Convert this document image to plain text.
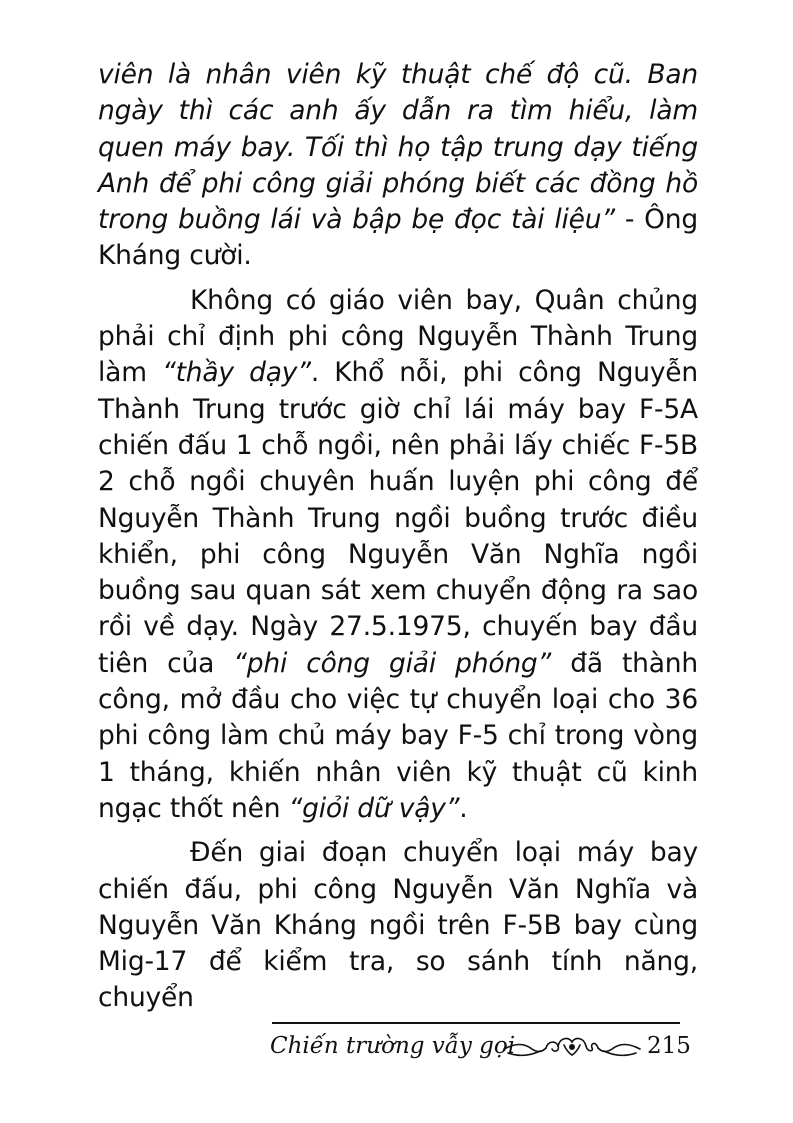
viên là nhân viên kỹ thuật chế độ cũ. Ban ngày thì các anh ấy dẫn ra tìm hiểu, làm quen máy bay. Tối thì họ tập trung dạy tiếng Anh để phi công giải phóng biết các đồng hồ trong buồng lái và bập bẹ đọc tài liệu” - Ông Kháng cười.

Không có giáo viên bay, Quân chủng phải chỉ định phi công Nguyễn Thành Trung làm “thầy dạy”. Khổ nỗi, phi công Nguyễn Thành Trung trước giờ chỉ lái máy bay F-5A chiến đấu 1 chỗ ngồi, nên phải lấy chiếc F-5B 2 chỗ ngồi chuyên huấn luyện phi công để Nguyễn Thành Trung ngồi buồng trước điều khiển, phi công Nguyễn Văn Nghĩa ngồi buồng sau quan sát xem chuyển động ra sao rồi về dạy. Ngày 27.5.1975, chuyến bay đầu tiên của “phi công giải phóng” đã thành công, mở đầu cho việc tự chuyển loại cho 36 phi công làm chủ máy bay F-5 chỉ trong vòng 1 tháng, khiến nhân viên kỹ thuật cũ kinh ngạc thốt nên “giỏi dữ vậy”.

Đến giai đoạn chuyển loại máy bay chiến đấu, phi công Nguyễn Văn Nghĩa và Nguyễn Văn Kháng ngồi trên F-5B bay cùng Mig-17 để kiểm tra, so sánh tính năng, chuyển

Chiến trường vẫy gọi	215
